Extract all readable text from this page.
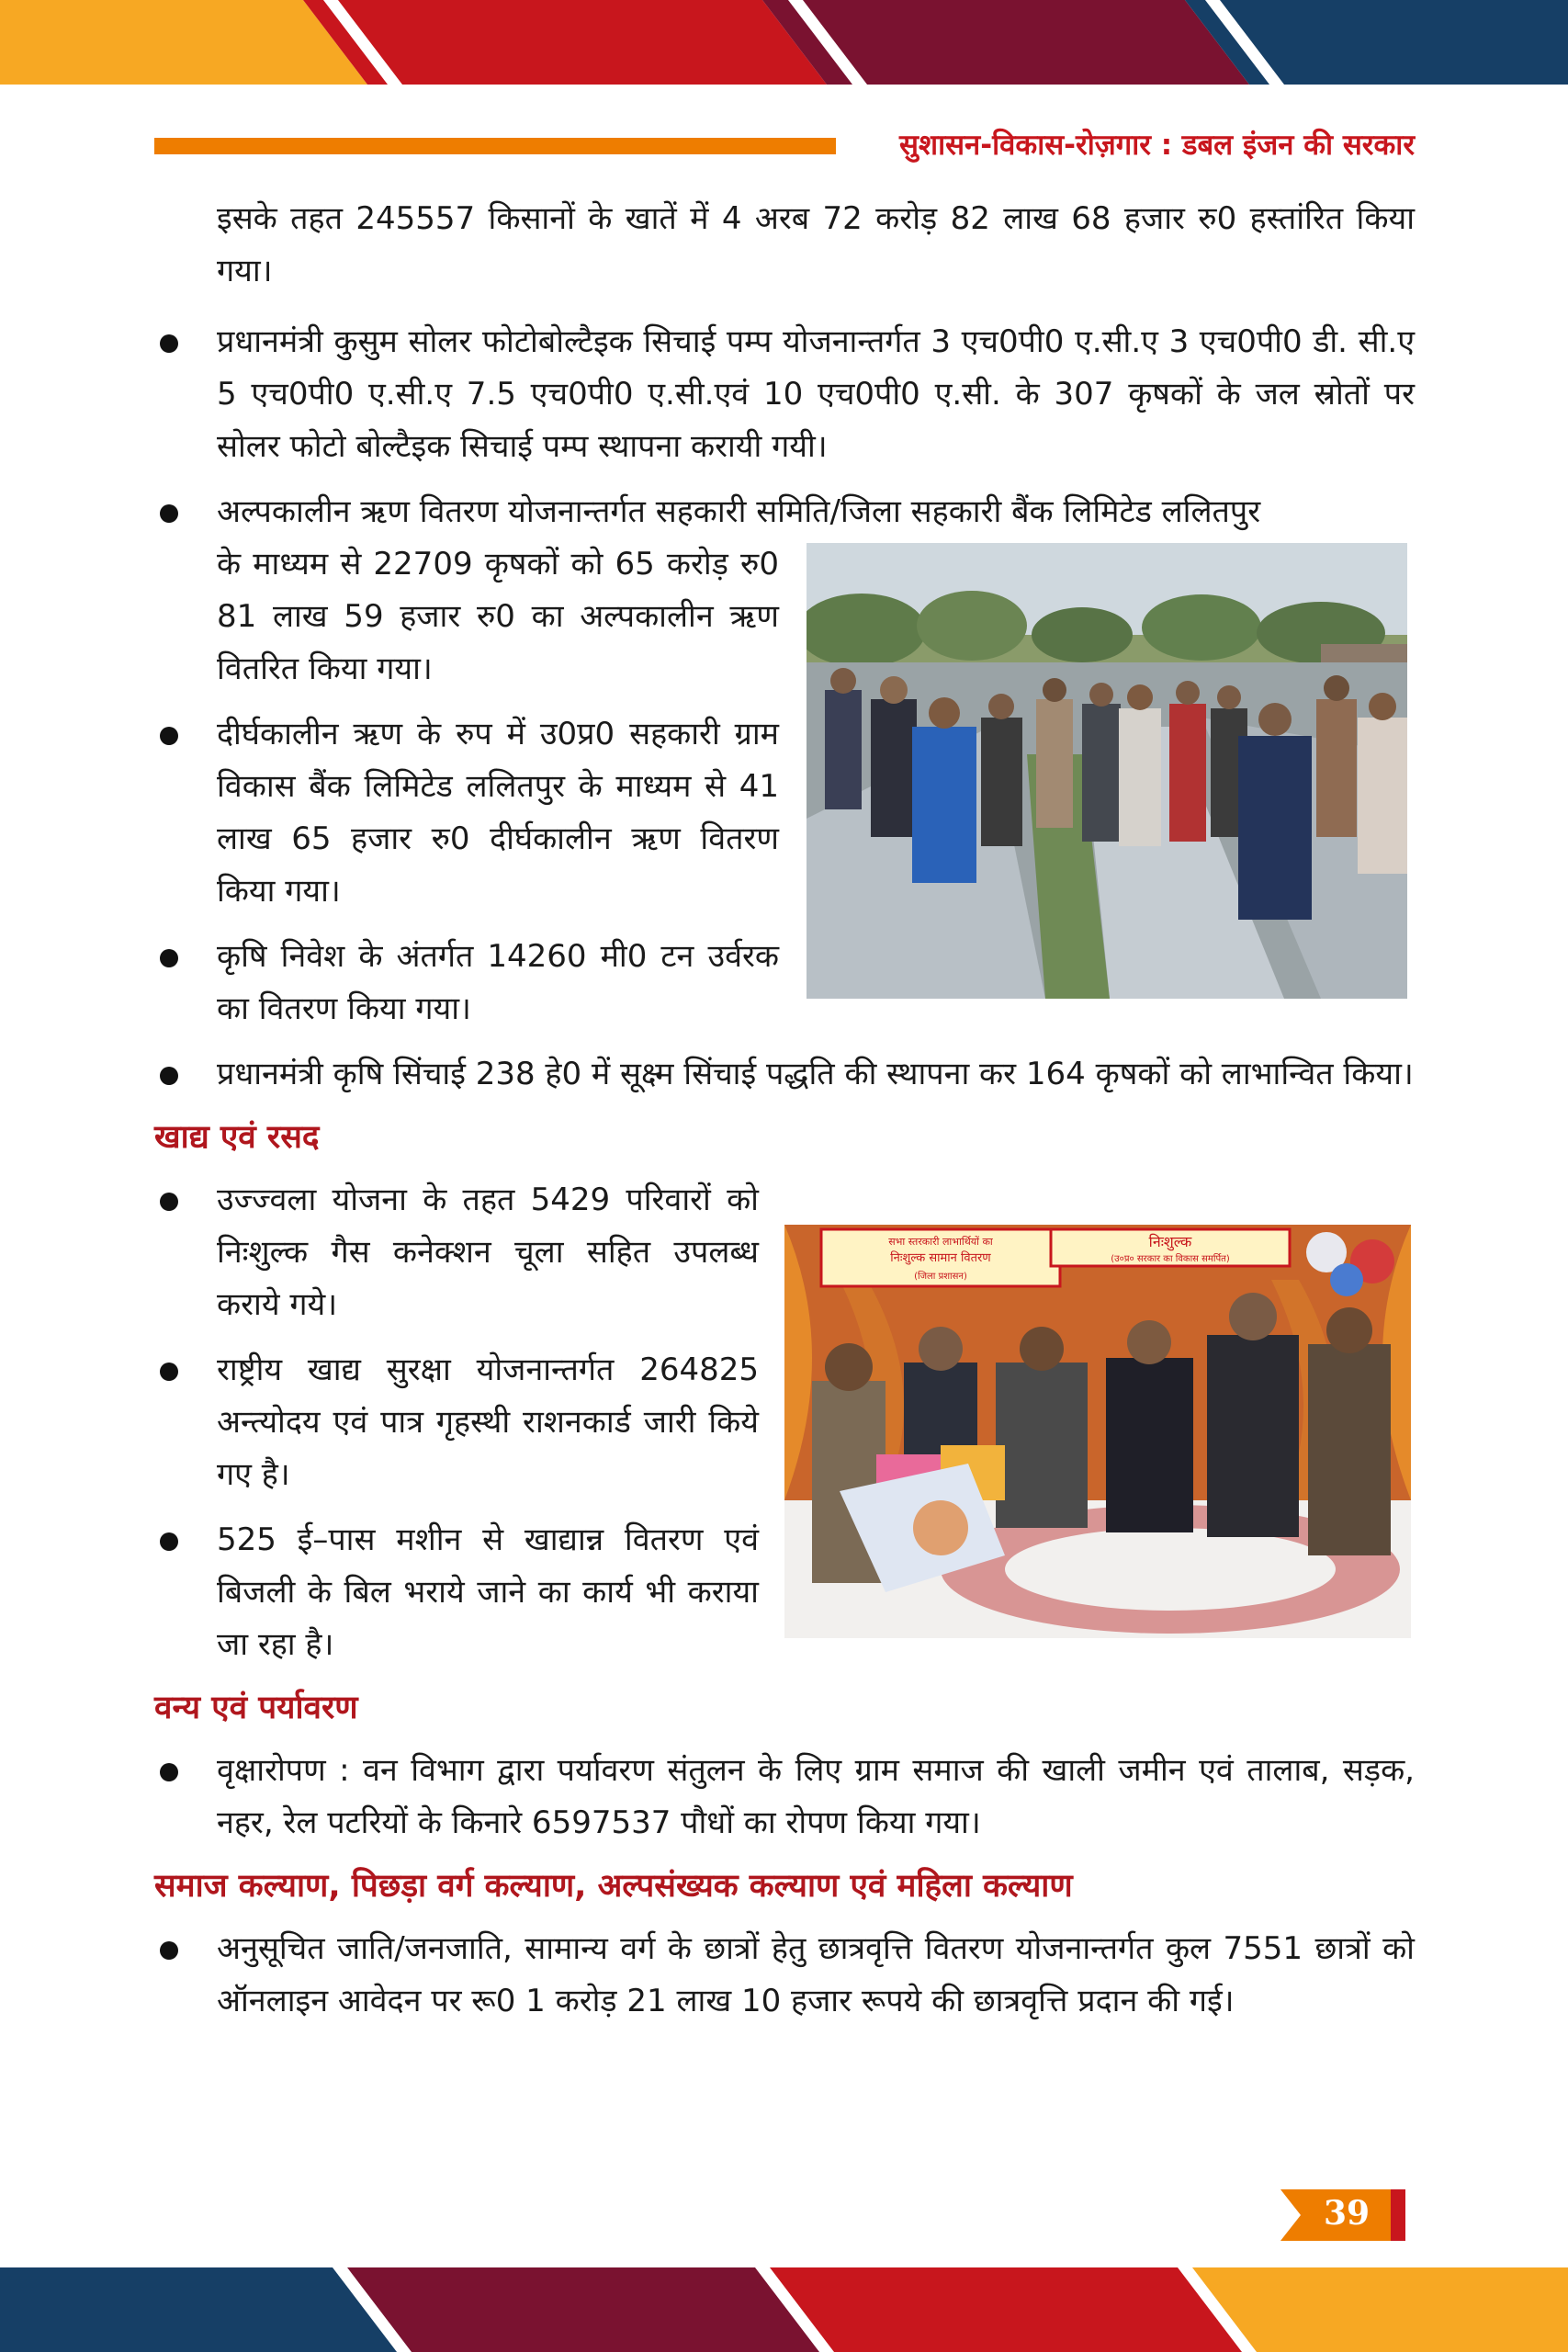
सुशासन-विकास-रोज़गार : डबल इंजन की सरकार
सभा स्तरकारी लाभार्थियों का
निःशुल्क सामान वितरण
(जिला प्रशासन)
निःशुल्क
(उ०प्र० सरकार का विकास समर्पित)

इसके तहत 245557 किसानों के खातें में 4 अरब 72 करोड़ 82 लाख 68 हजार रु0 हस्तांरित किया गया।

प्रधानमंत्री कुसुम सोलर फोटोबोल्टैइक सिचाई पम्प योजनान्तर्गत 3 एच0पी0 ए.सी.ए 3 एच0पी0 डी. सी.ए 5 एच0पी0 ए.सी.ए 7.5 एच0पी0 ए.सी.एवं 10 एच0पी0 ए.सी. के 307 कृषकों के जल स्रोतों पर सोलर फोटो बोल्टैइक सिचाई पम्प स्थापना करायी गयी।
अल्पकालीन ऋण वितरण योजनान्तर्गत सहकारी समिति/जिला सहकारी बैंक लिमिटेड ललितपुर
के माध्यम से 22709 कृषकों को 65 करोड़ रु0 81 लाख 59 हजार रु0 का अल्पकालीन ऋण वितरित किया गया।
दीर्घकालीन ऋण के रुप में उ0प्र0 सहकारी ग्राम विकास बैंक लिमिटेड ललितपुर के माध्यम से 41 लाख 65 हजार रु0 दीर्घकालीन ऋण वितरण किया गया।
कृषि निवेश के अंतर्गत 14260 मी0 टन उर्वरक का वितरण किया गया।
प्रधानमंत्री कृषि सिंचाई 238 हे0 में सूक्ष्म सिंचाई पद्धति की स्थापना कर 164 कृषकों को लाभान्वित किया।
खाद्य एवं रसद
उज्ज्वला योजना के तहत 5429 परिवारों को निःशुल्क गैस कनेक्शन चूला सहित उपलब्ध कराये गये।
राष्ट्रीय खाद्य सुरक्षा योजनान्तर्गत 264825 अन्त्योदय एवं पात्र गृहस्थी राशनकार्ड जारी किये गए है।
525 ई–पास मशीन से खाद्यान्न वितरण एवं बिजली के बिल भराये जाने का कार्य भी कराया जा रहा है।
वन्य एवं पर्यावरण
वृक्षारोपण : वन विभाग द्वारा पर्यावरण संतुलन के लिए ग्राम समाज की खाली जमीन एवं तालाब, सड़क, नहर, रेल पटरियों के किनारे 6597537 पौधों का रोपण किया गया।
समाज कल्याण, पिछड़ा वर्ग कल्याण, अल्पसंख्यक कल्याण एवं महिला कल्याण
अनुसूचित जाति/जनजाति, सामान्य वर्ग के छात्रों हेतु छात्रवृत्ति वितरण योजनान्तर्गत कुल 7551 छात्रों को ऑनलाइन आवेदन पर रू0 1 करोड़ 21 लाख 10 हजार रूपये की छात्रवृत्ति प्रदान की गई।
39
